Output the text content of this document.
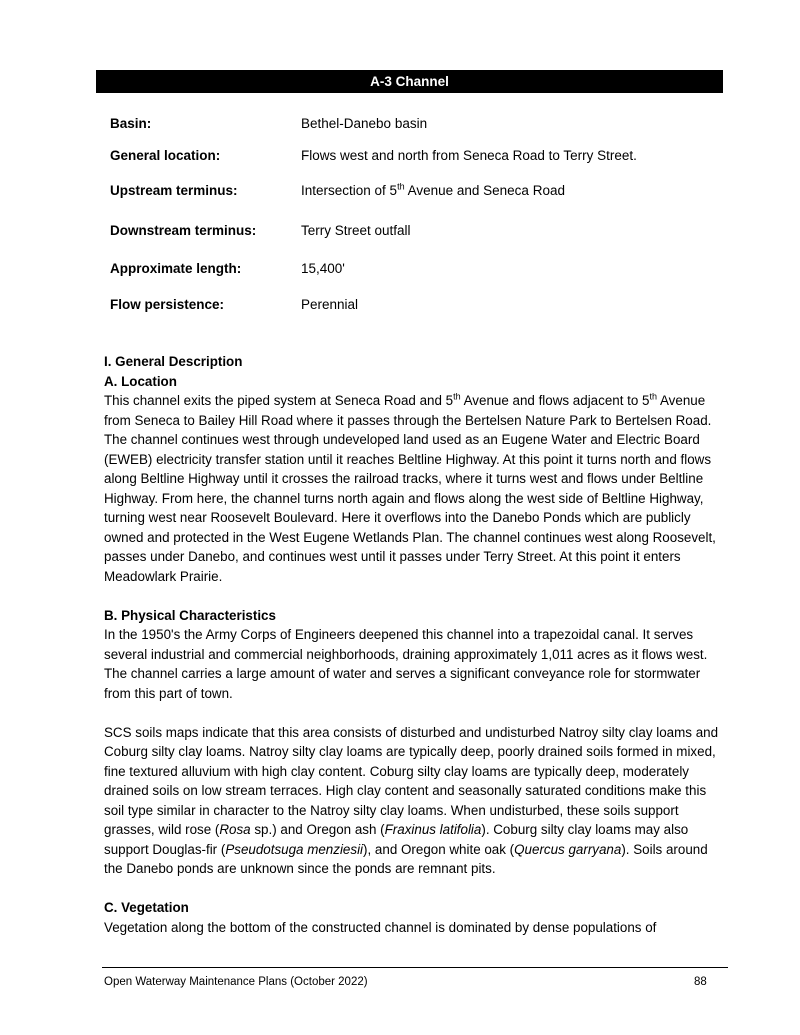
A-3 Channel
Basin:	Bethel-Danebo basin
General location:	Flows west and north from Seneca Road to Terry Street.
Upstream terminus:	Intersection of 5th Avenue and Seneca Road
Downstream terminus:	Terry Street outfall
Approximate length:	15,400'
Flow persistence:	Perennial

I. General Description

A. Location

This channel exits the piped system at Seneca Road and 5th Avenue and flows adjacent to 5th Avenue from Seneca to Bailey Hill Road where it passes through the Bertelsen Nature Park to Bertelsen Road. The channel continues west through undeveloped land used as an Eugene Water and Electric Board (EWEB) electricity transfer station until it reaches Beltline Highway. At this point it turns north and flows along Beltline Highway until it crosses the railroad tracks, where it turns west and flows under Beltline Highway. From here, the channel turns north again and flows along the west side of Beltline Highway, turning west near Roosevelt Boulevard. Here it overflows into the Danebo Ponds which are publicly owned and protected in the West Eugene Wetlands Plan. The channel continues west along Roosevelt, passes under Danebo, and continues west until it passes under Terry Street. At this point it enters Meadowlark Prairie.

B. Physical Characteristics

In the 1950's the Army Corps of Engineers deepened this channel into a trapezoidal canal. It serves several industrial and commercial neighborhoods, draining approximately 1,011 acres as it flows west. The channel carries a large amount of water and serves a significant conveyance role for stormwater from this part of town.

SCS soils maps indicate that this area consists of disturbed and undisturbed Natroy silty clay loams and Coburg silty clay loams. Natroy silty clay loams are typically deep, poorly drained soils formed in mixed, fine textured alluvium with high clay content. Coburg silty clay loams are typically deep, moderately drained soils on low stream terraces. High clay content and seasonally saturated conditions make this soil type similar in character to the Natroy silty clay loams. When undisturbed, these soils support grasses, wild rose (Rosa sp.) and Oregon ash (Fraxinus latifolia). Coburg silty clay loams may also support Douglas-fir (Pseudotsuga menziesii), and Oregon white oak (Quercus garryana). Soils around the Danebo ponds are unknown since the ponds are remnant pits.

C. Vegetation

Vegetation along the bottom of the constructed channel is dominated by dense populations of

Open Waterway Maintenance Plans (October 2022)	88
